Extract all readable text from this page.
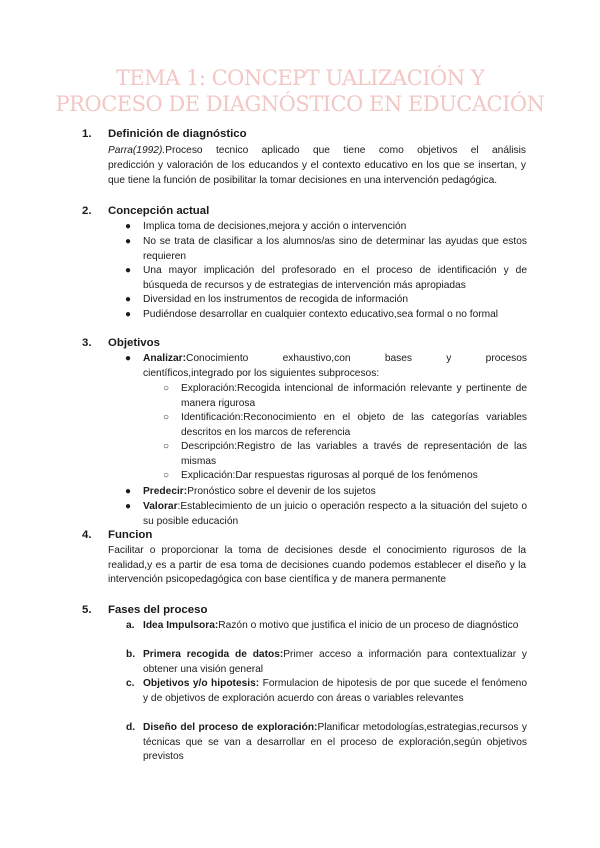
TEMA 1: CONCEPT UALIZACIÓN Y
PROCESO DE DIAGNÓSTICO EN EDUCACIÓN
1. Definición de diagnóstico
Parra(1992).Proceso tecnico aplicado que tiene como objetivos el análisis
predicción y valoración de los educandos y el contexto educativo en los que se insertan, y que tiene la función de posibilitar la tomar decisiones en una intervención pedagógica.
2. Concepción actual
●	Implica toma de decisiones,mejora y acción o intervención
●	No se trata de clasificar a los alumnos/as sino de determinar las ayudas que estos requieren
●	Una mayor implicación del profesorado en el proceso de identificación y de búsqueda de recursos y de estrategias de intervención más apropiadas
●	Diversidad en los instrumentos de recogida de información
●	Pudiéndose desarrollar en cualquier contexto educativo,sea formal o no formal
3. Objetivos
●	Analizar:Conocimiento exhaustivo,con bases y procesos
científicos,integrado por los siguientes subprocesos:
○	Exploración:Recogida intencional de información relevante y pertinente de manera rigurosa
○	Identificación:Reconocimiento en el objeto de las categorías variables descritos en los marcos de referencia
○	Descripción:Registro de las variables a través de representación de las mismas
○	Explicación:Dar respuestas rigurosas al porqué de los fenómenos
●	Predecir:Pronóstico sobre el devenir de los sujetos
●	Valorar:Establecimiento de un juicio o operación respecto a la situación del sujeto o su posible educación
4. Funcion
Facilitar o proporcionar la toma de decisiones desde el conocimiento rigurosos de la realidad,y es a partir de esa toma de decisiones cuando podemos establecer el diseño y la intervención psicopedagógica con base científica y de manera permanente
5. Fases del proceso
a. Idea Impulsora:Razón o motivo que justifica el inicio de un proceso de diagnóstico
b. Primera recogida de datos:Primer acceso a información para contextualizar y obtener una visión general
c. Objetivos y/o hipotesis: Formulacion de hipotesis de por que sucede el fenómeno y de objetivos de exploración acuerdo con áreas o variables relevantes
d. Diseño del proceso de exploración:Planificar metodologías,estrategias,recursos y técnicas que se van a desarrollar en el proceso de exploración,según objetivos previstos
